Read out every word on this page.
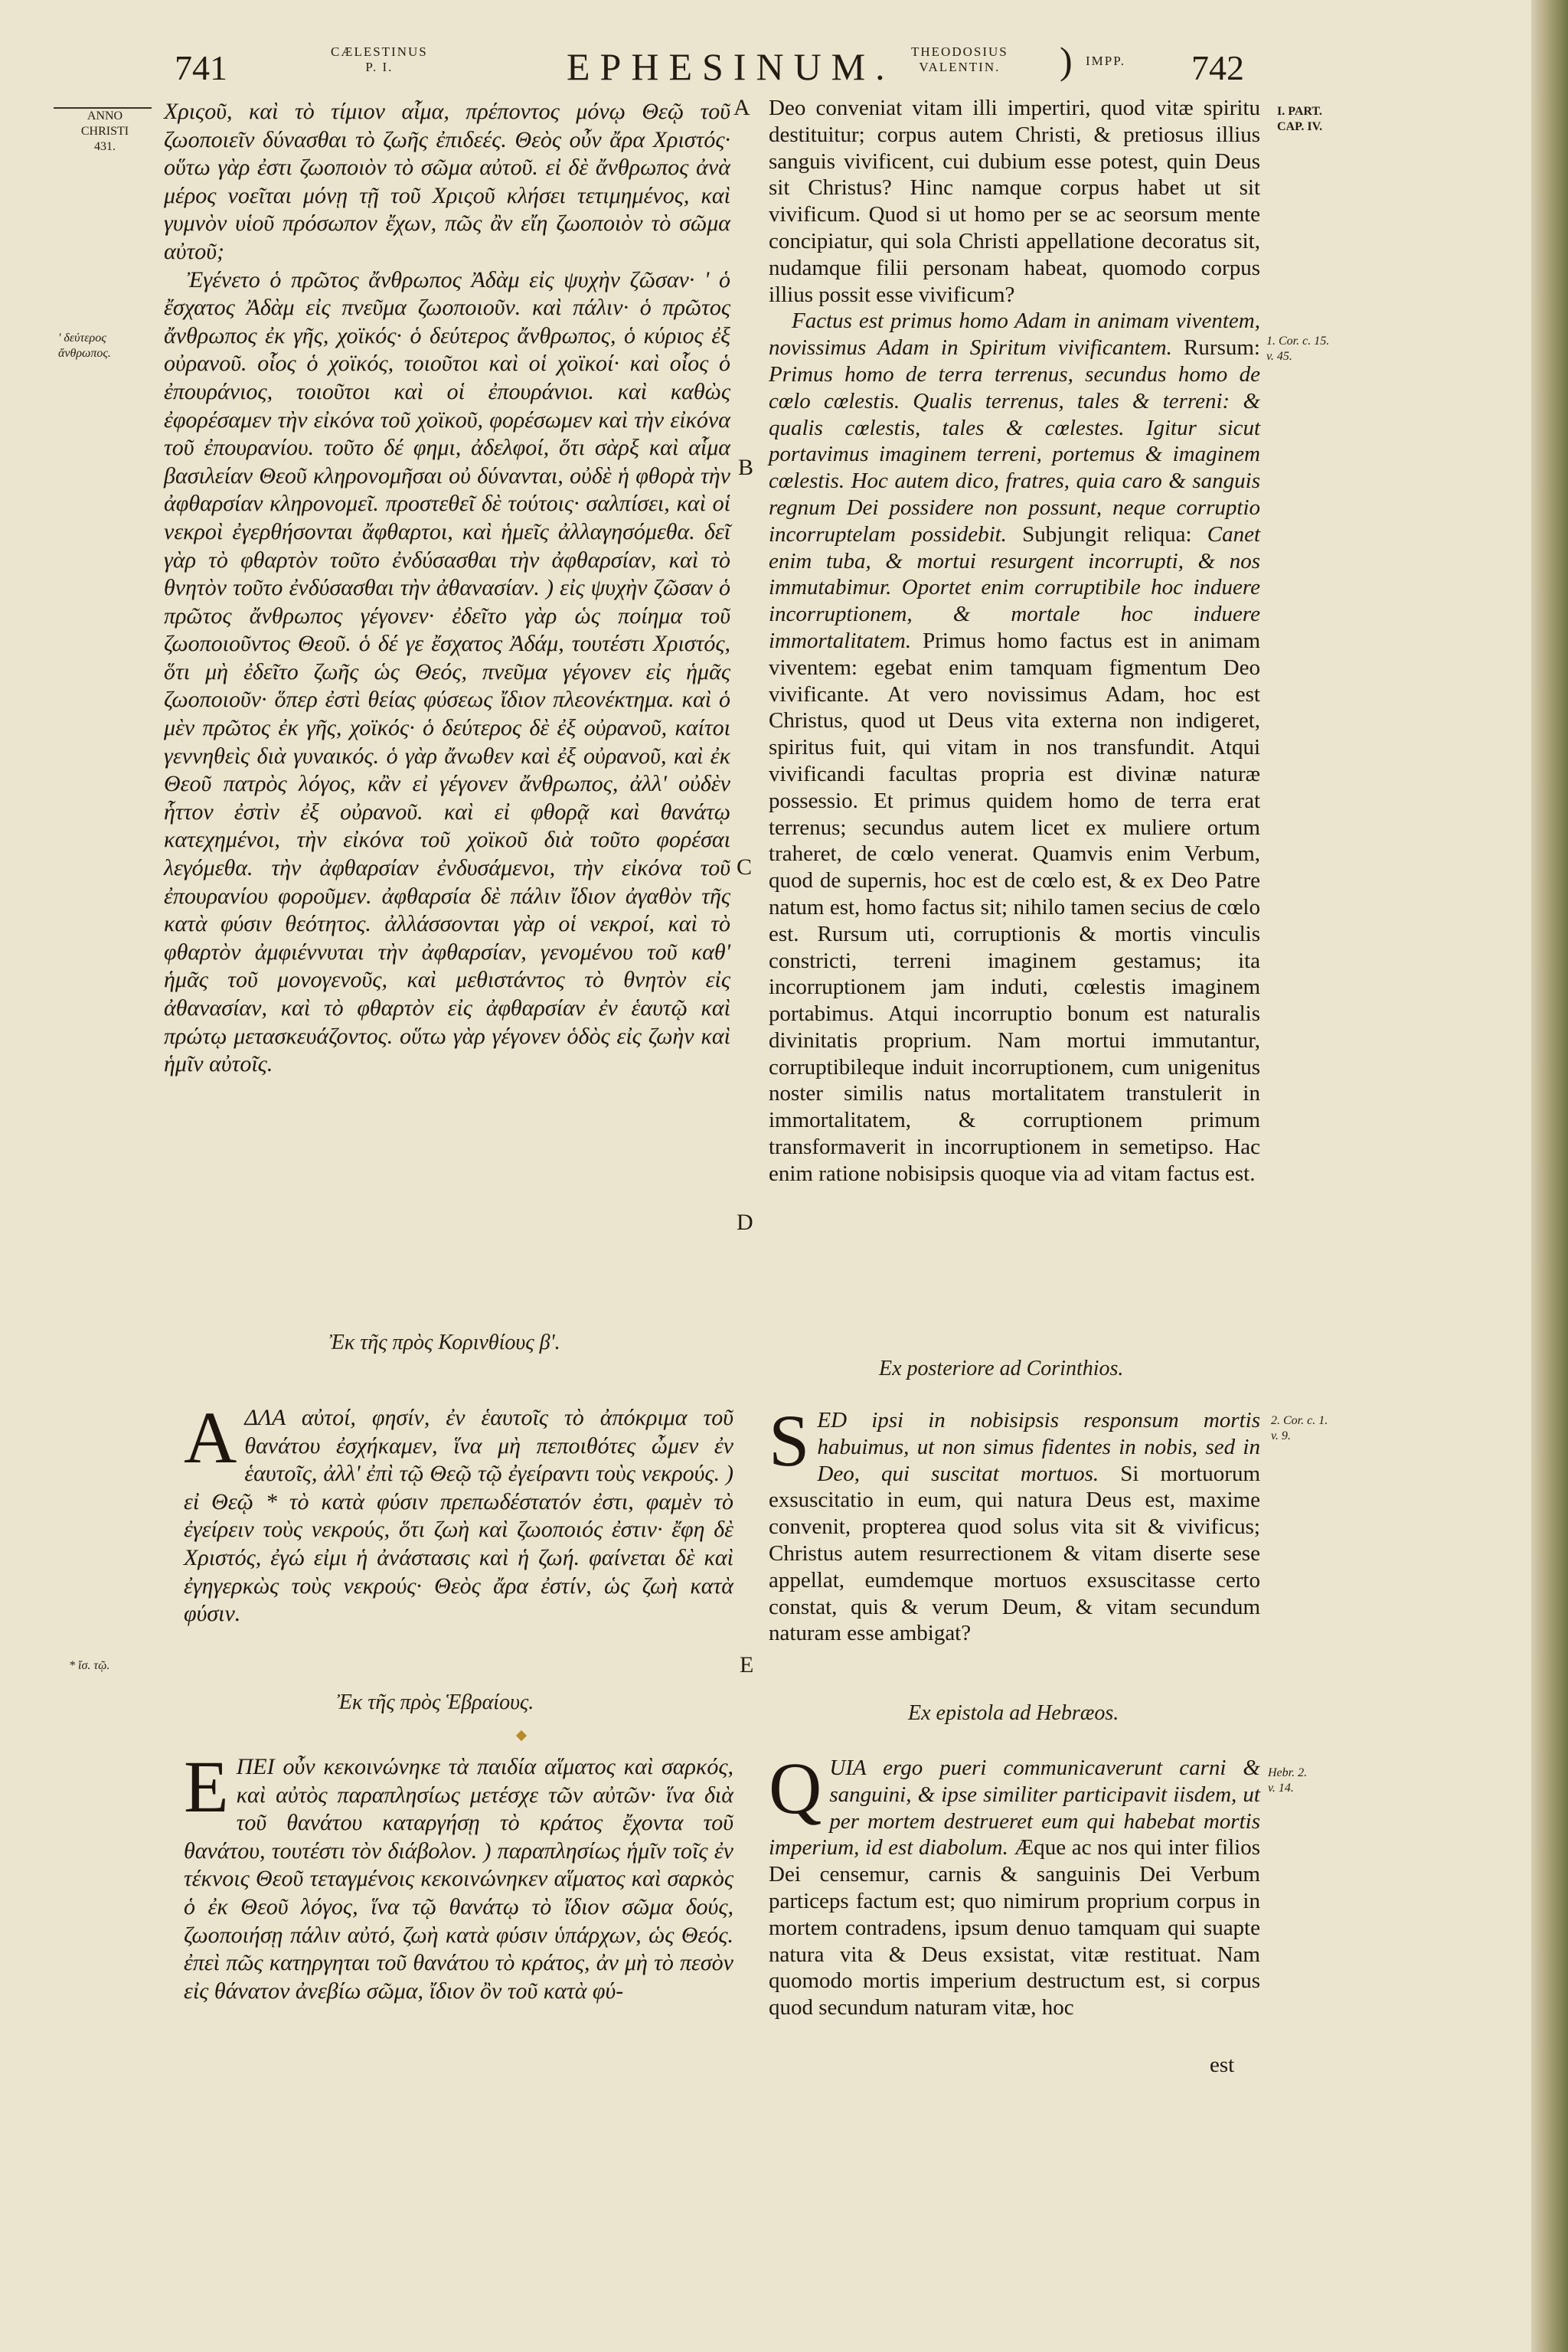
741	CÆLESTINUS
P. I.	EPHESINUM. THEODOSIUS
VALENTIN. ) IMPP. 742
ANNO
CHRISTI
431.
' δεύτερος
ἄνθρωπος.
* ἴσ. τῷ.
I. PART.
CAP. IV.
1. Cor. c. 15.
v. 45.
2. Cor. c. 1.
v. 9.
Hebr. 2.
v. 14.
A
B
C
D
E

Χριςοῦ, καὶ τὸ τίμιον αἷμα, πρέποντος μόνῳ Θεῷ τοῦ ζωοποιεῖν δύνασθαι τὸ ζωῆς ἐπιδεές. Θεὸς οὖν ἄρα Χριστός· οὕτω γὰρ ἐστι ζωοποιὸν τὸ σῶμα αὐτοῦ. εἰ δὲ ἄνθρωπος ἀνὰ μέρος νοεῖται μόνῃ τῇ τοῦ Χριςοῦ κλήσει τετιμημένος, καὶ γυμνὸν υἱοῦ πρόσωπον ἔχων, πῶς ἂν εἴη ζωοποιὸν τὸ σῶμα αὐτοῦ;

Ἐγένετο ὁ πρῶτος ἄνθρωπος Ἀδὰμ εἰς ψυχὴν ζῶσαν· ' ὁ ἔσχατος Ἀδὰμ εἰς πνεῦμα ζωοποιοῦν. καὶ πάλιν· ὁ πρῶτος ἄνθρωπος ἐκ γῆς, χοϊκός· ὁ δεύτερος ἄνθρωπος, ὁ κύριος ἐξ οὐρανοῦ. οἷος ὁ χοϊκός, τοιοῦτοι καὶ οἱ χοϊκοί· καὶ οἷος ὁ ἐπουράνιος, τοιοῦτοι καὶ οἱ ἐπουράνιοι. καὶ καθὼς ἐφορέσαμεν τὴν εἰκόνα τοῦ χοϊκοῦ, φορέσωμεν καὶ τὴν εἰκόνα τοῦ ἐπουρανίου. τοῦτο δέ φημι, ἀδελφοί, ὅτι σὰρξ καὶ αἷμα βασιλείαν Θεοῦ κληρονομῆσαι οὐ δύνανται, οὐδὲ ἡ φθορὰ τὴν ἀφθαρσίαν κληρονομεῖ. προστεθεῖ δὲ τούτοις· σαλπίσει, καὶ οἱ νεκροὶ ἐγερθήσονται ἄφθαρτοι, καὶ ἡμεῖς ἀλλαγησόμεθα. δεῖ γὰρ τὸ φθαρτὸν τοῦτο ἐνδύσασθαι τὴν ἀφθαρσίαν, καὶ τὸ θνητὸν τοῦτο ἐνδύσασθαι τὴν ἀθανασίαν. ) εἰς ψυχὴν ζῶσαν ὁ πρῶτος ἄνθρωπος γέγονεν· ἐδεῖτο γὰρ ὡς ποίημα τοῦ ζωοποιοῦντος Θεοῦ. ὁ δέ γε ἔσχατος Ἀδάμ, τουτέστι Χριστός, ὅτι μὴ ἐδεῖτο ζωῆς ὡς Θεός, πνεῦμα γέγονεν εἰς ἡμᾶς ζωοποιοῦν· ὅπερ ἐστὶ θείας φύσεως ἴδιον πλεονέκτημα. καὶ ὁ μὲν πρῶτος ἐκ γῆς, χοϊκός· ὁ δεύτερος δὲ ἐξ οὐρανοῦ, καίτοι γεννηθεὶς διὰ γυναικός. ὁ γὰρ ἄνωθεν καὶ ἐξ οὐρανοῦ, καὶ ἐκ Θεοῦ πατρὸς λόγος, κἂν εἰ γέγονεν ἄνθρωπος, ἀλλ' οὐδὲν ἧττον ἐστὶν ἐξ οὐρανοῦ. καὶ εἰ φθορᾷ καὶ θανάτῳ κατεχημένοι, τὴν εἰκόνα τοῦ χοϊκοῦ διὰ τοῦτο φορέσαι λεγόμεθα. τὴν ἀφθαρσίαν ἐνδυσάμενοι, τὴν εἰκόνα τοῦ ἐπουρανίου φοροῦμεν. ἀφθαρσία δὲ πάλιν ἴδιον ἀγαθὸν τῆς κατὰ φύσιν θεότητος. ἀλλάσσονται γὰρ οἱ νεκροί, καὶ τὸ φθαρτὸν ἀμφιέννυται τὴν ἀφθαρσίαν, γενομένου τοῦ καθ' ἡμᾶς τοῦ μονογενοῦς, καὶ μεθιστάντος τὸ θνητὸν εἰς ἀθανασίαν, καὶ τὸ φθαρτὸν εἰς ἀφθαρσίαν ἐν ἑαυτῷ καὶ πρώτῳ μετασκευάζοντος. οὕτω γὰρ γέγονεν ὁδὸς εἰς ζωὴν καὶ ἡμῖν αὐτοῖς.

Deo conveniat vitam illi impertiri, quod vitæ spiritu destituitur; corpus autem Christi, & pretiosus illius sanguis vivificent, cui dubium esse potest, quin Deus sit Christus? Hinc namque corpus habet ut sit vivificum. Quod si ut homo per se ac seorsum mente concipiatur, qui sola Christi appellatione decoratus sit, nudamque filii personam habeat, quomodo corpus illius possit esse vivificum?

Factus est primus homo Adam in animam viventem, novissimus Adam in Spiritum vivificantem. Rursum: Primus homo de terra terrenus, secundus homo de cœlo cœlestis. Qualis terrenus, tales & terreni: & qualis cœlestis, tales & cœlestes. Igitur sicut portavimus imaginem terreni, portemus & imaginem cœlestis. Hoc autem dico, fratres, quia caro & sanguis regnum Dei possidere non possunt, neque corruptio incorruptelam possidebit. Subjungit reliqua: Canet enim tuba, & mortui resurgent incorrupti, & nos immutabimur. Oportet enim corruptibile hoc induere incorruptionem, & mortale hoc induere immortalitatem. Primus homo factus est in animam viventem: egebat enim tamquam figmentum Deo vivificante. At vero novissimus Adam, hoc est Christus, quod ut Deus vita externa non indigeret, spiritus fuit, qui vitam in nos transfundit. Atqui vivificandi facultas propria est divinæ naturæ possessio. Et primus quidem homo de terra erat terrenus; secundus autem licet ex muliere ortum traheret, de cœlo venerat. Quamvis enim Verbum, quod de supernis, hoc est de cœlo est, & ex Deo Patre natum est, homo factus sit; nihilo tamen secius de cœlo est. Rursum uti, corruptionis & mortis vinculis constricti, terreni imaginem gestamus; ita incorruptionem jam induti, cœlestis imaginem portabimus. Atqui incorruptio bonum est naturalis divinitatis proprium. Nam mortui immutantur, corruptibileque induit incorruptionem, cum unigenitus noster similis natus mortalitatem transtulerit in immortalitatem, & corruptionem primum transformaverit in incorruptionem in semetipso. Hac enim ratione nobisipsis quoque via ad vitam factus est.

Ἐκ τῆς πρὸς Κορινθίους β'.
Ex posteriore ad Corinthios.
ΑΔΛΑ αὐτοί, φησίν, ἐν ἑαυτοῖς τὸ ἀπόκριμα τοῦ θανάτου ἐσχήκαμεν, ἵνα μὴ πεποιθότες ὦμεν ἐν ἑαυτοῖς, ἀλλ' ἐπὶ τῷ Θεῷ τῷ ἐγείραντι τοὺς νεκρούς. ) εἰ Θεῷ * τὸ κατὰ φύσιν πρεπωδέστατόν ἐστι, φαμὲν τὸ ἐγείρειν τοὺς νεκρούς, ὅτι ζωὴ καὶ ζωοποιός ἐστιν· ἔφη δὲ Χριστός, ἐγώ εἰμι ἡ ἀνάστασις καὶ ἡ ζωή. φαίνεται δὲ καὶ ἐγηγερκὼς τοὺς νεκρούς· Θεὸς ἄρα ἐστίν, ὡς ζωὴ κατὰ φύσιν.
SED ipsi in nobisipsis responsum mortis habuimus, ut non simus fidentes in nobis, sed in Deo, qui suscitat mortuos. Si mortuorum exsuscitatio in eum, qui natura Deus est, maxime convenit, propterea quod solus vita sit & vivificus; Christus autem resurrectionem & vitam diserte sese appellat, eumdemque mortuos exsuscitasse certo constat, quis & verum Deum, & vitam secundum naturam esse ambigat?
Ἐκ τῆς πρὸς Ἑβραίους.	Ex epistola ad Hebræos.
ΕΠΕΙ οὖν κεκοινώνηκε τὰ παιδία αἵματος καὶ σαρκός, καὶ αὐτὸς παραπλησίως μετέσχε τῶν αὐτῶν· ἵνα διὰ τοῦ θανάτου καταργήσῃ τὸ κράτος ἔχοντα τοῦ θανάτου, τουτέστι τὸν διάβολον. ) παραπλησίως ἡμῖν τοῖς ἐν τέκνοις Θεοῦ τεταγμένοις κεκοινώνηκεν αἵματος καὶ σαρκὸς ὁ ἐκ Θεοῦ λόγος, ἵνα τῷ θανάτῳ τὸ ἴδιον σῶμα δούς, ζωοποιήσῃ πάλιν αὐτό, ζωὴ κατὰ φύσιν ὑπάρχων, ὡς Θεός. ἐπεὶ πῶς κατηργηται τοῦ θανάτου τὸ κράτος, ἀν μὴ τὸ πεσὸν εἰς θάνατον ἀνεβίω σῶμα, ἴδιον ὂν τοῦ κατὰ φύ-
QUIA ergo pueri communicaverunt carni & sanguini, & ipse similiter participavit iisdem, ut per mortem destrueret eum qui habebat mortis imperium, id est diabolum. Æque ac nos qui inter filios Dei censemur, carnis & sanguinis Dei Verbum particeps factum est; quo nimirum proprium corpus in mortem contradens, ipsum denuo tamquam qui suapte natura vita & Deus exsistat, vitæ restituat. Nam quomodo mortis imperium destructum est, si corpus quod secundum naturam vitæ, hoc
est
